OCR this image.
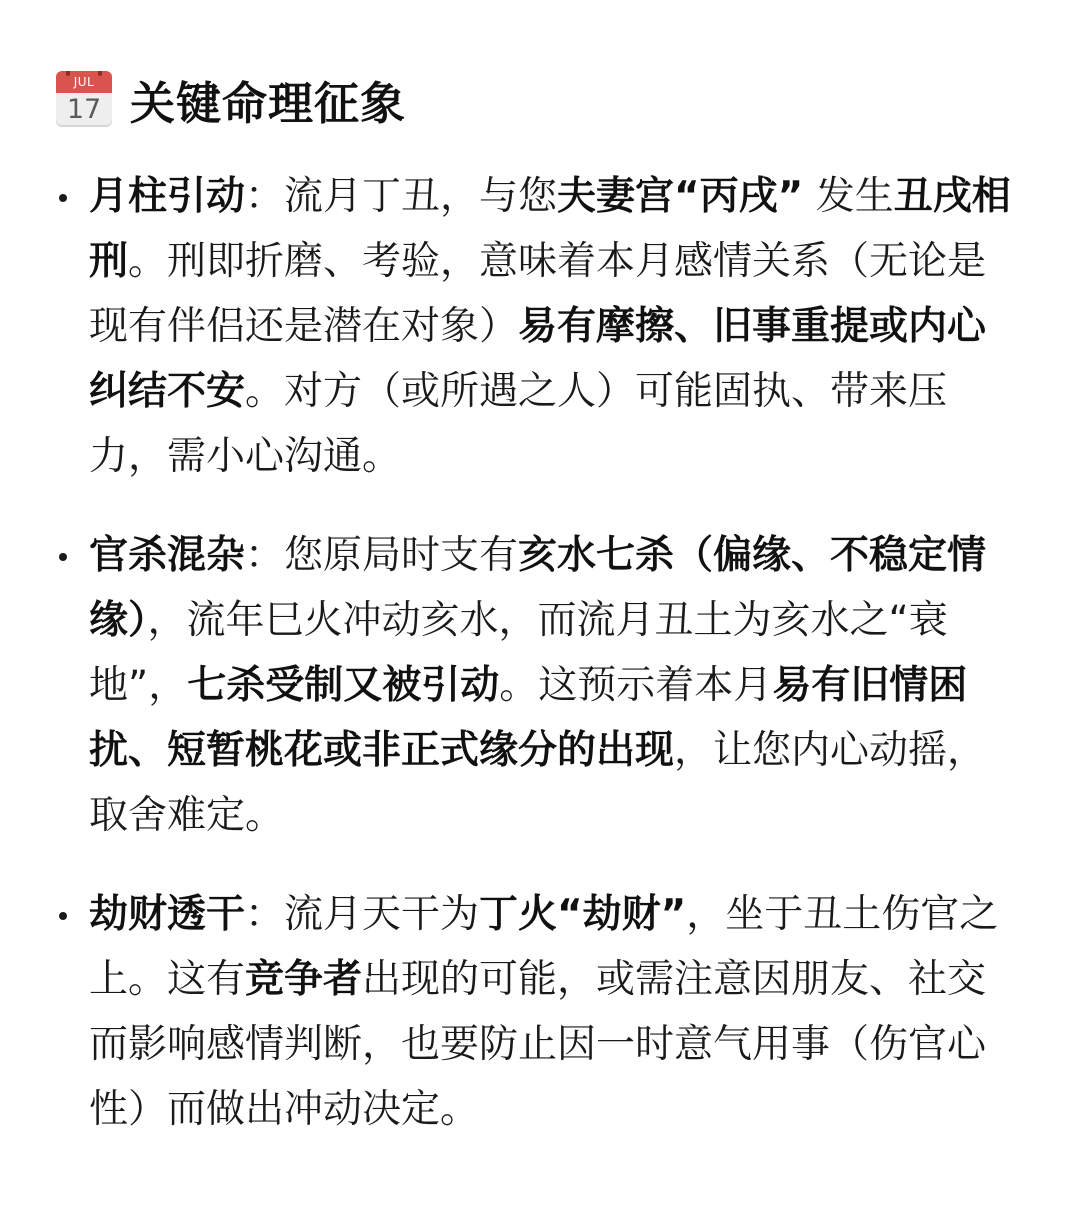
JUL
17 关键命理征象
月柱引动：流月丁丑，与您夫妻宫“丙戌” 发生丑戌相刑。刑即折磨、考验，意味着本月感情关系（无论是现有伴侣还是潜在对象）易有摩擦、旧事重提或内心纠结不安。对方（或所遇之人）可能固执、带来压力，需小心沟通。
官杀混杂：您原局时支有亥水七杀（偏缘、不稳定情缘），流年巳火冲动亥水，而流月丑土为亥水之“衰地”，七杀受制又被引动。这预示着本月易有旧情困扰、短暂桃花或非正式缘分的出现，让您内心动摇，取舍难定。
劫财透干：流月天干为丁火“劫财”，坐于丑土伤官之上。这有竞争者出现的可能，或需注意因朋友、社交而影响感情判断，也要防止因一时意气用事（伤官心性）而做出冲动决定。
